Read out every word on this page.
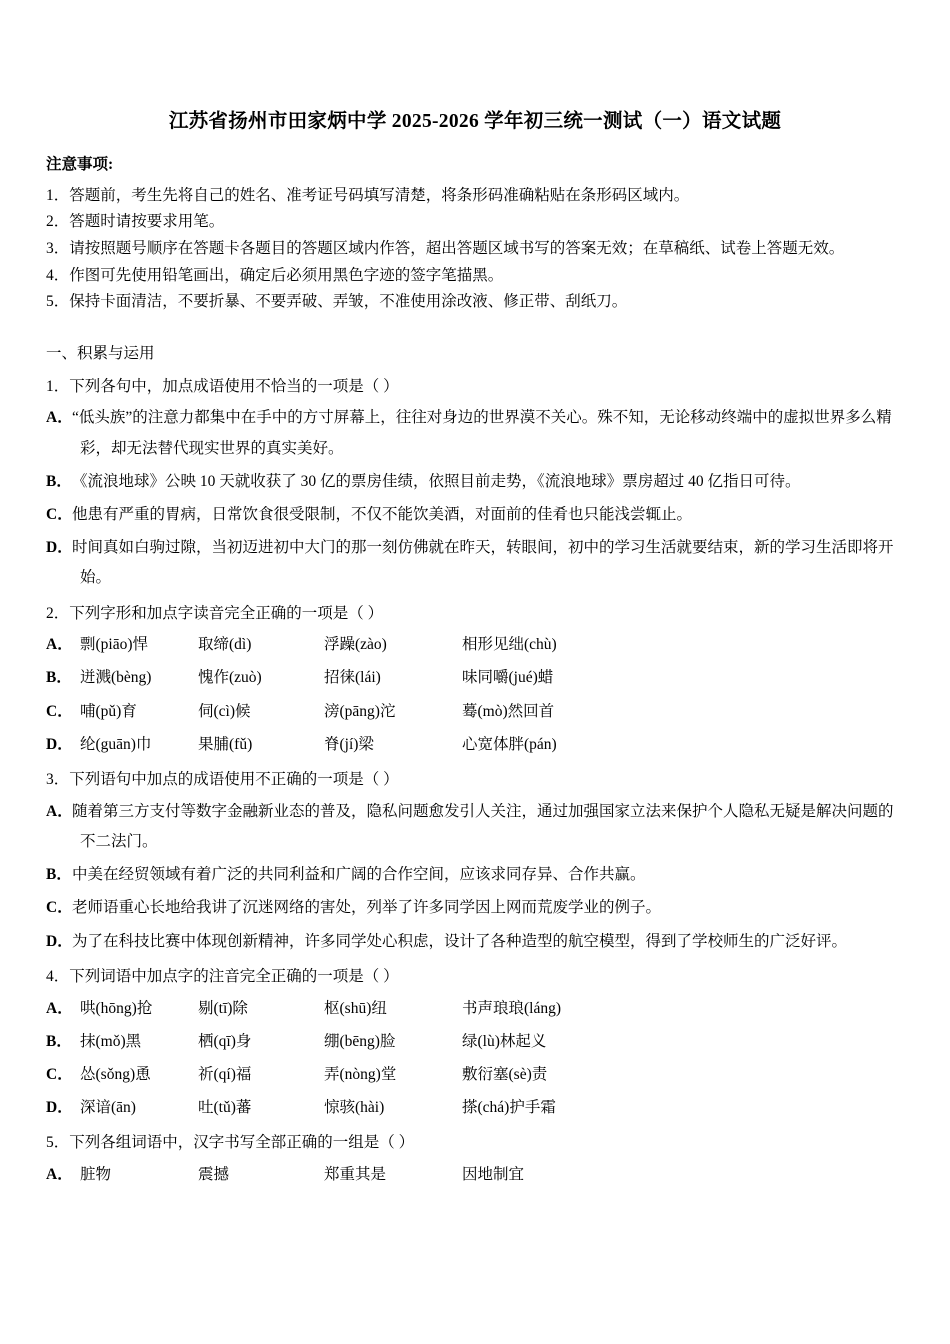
江苏省扬州市田家炳中学 2025-2026 学年初三统一测试（一）语文试题
注意事项:
1．答题前，考生先将自己的姓名、准考证号码填写清楚，将条形码准确粘贴在条形码区域内。
2．答题时请按要求用笔。
3．请按照题号顺序在答题卡各题目的答题区域内作答，超出答题区域书写的答案无效；在草稿纸、试卷上答题无效。
4．作图可先使用铅笔画出，确定后必须用黑色字迹的签字笔描黑。
5．保持卡面清洁，不要折暴、不要弄破、弄皱，不准使用涂改液、修正带、刮纸刀。
一、积累与运用
1．下列各句中，加点成语使用不恰当的一项是（ ）
A．“低头族”的注意力都集中在手中的方寸屏幕上，往往对身边的世界漠不关心。殊不知，无论移动终端中的虚拟世界多么精彩，却无法替代现实世界的真实美好。
B．《流浪地球》公映 10 天就收获了 30 亿的票房佳绩，依照目前走势，《流浪地球》票房超过 40 亿指日可待。
C．他患有严重的胃病，日常饮食很受限制，不仅不能饮美酒，对面前的佳肴也只能浅尝辄止。
D．时间真如白驹过隙，当初迈进初中大门的那一刻仿佛就在昨天，转眼间，初中的学习生活就要结束，新的学习生活即将开始。
2．下列字形和加点字读音完全正确的一项是（ ）
A． 剽(piāo)悍	取缔(dì)	浮躁(zào)	相形见绌(chù)
B． 迸溅(bèng)	愧作(zuò)	招徕(lái)	味同嚼(jué)蜡
C． 哺(pǔ)育	伺(cì)候	滂(pāng)沱	蓦(mò)然回首
D． 纶(guān)巾	果脯(fǔ)	脊(jí)梁	心宽体胖(pán)
3．下列语句中加点的成语使用不正确的一项是（ ）
A．随着第三方支付等数字金融新业态的普及，隐私问题愈发引人关注，通过加强国家立法来保护个人隐私无疑是解决问题的不二法门。
B．中美在经贸领域有着广泛的共同利益和广阔的合作空间，应该求同存异、合作共赢。
C．老师语重心长地给我讲了沉迷网络的害处，列举了许多同学因上网而荒废学业的例子。
D．为了在科技比赛中体现创新精神，许多同学处心积虑，设计了各种造型的航空模型，得到了学校师生的广泛好评。
4．下列词语中加点字的注音完全正确的一项是（ ）
A． 哄(hōng)抢	剔(tī)除	枢(shū)纽	书声琅琅(láng)
B． 抹(mǒ)黑	栖(qī)身	绷(bēng)脸	绿(lù)林起义
C． 怂(sǒng)恿	祈(qí)福	弄(nòng)堂	敷衍塞(sè)责
D． 深谙(ān)	吐(tǔ)蕃	惊骇(hài)	搽(chá)护手霜
5．下列各组词语中，汉字书写全部正确的一组是（ ）
A． 脏物	震撼	郑重其是	因地制宜
